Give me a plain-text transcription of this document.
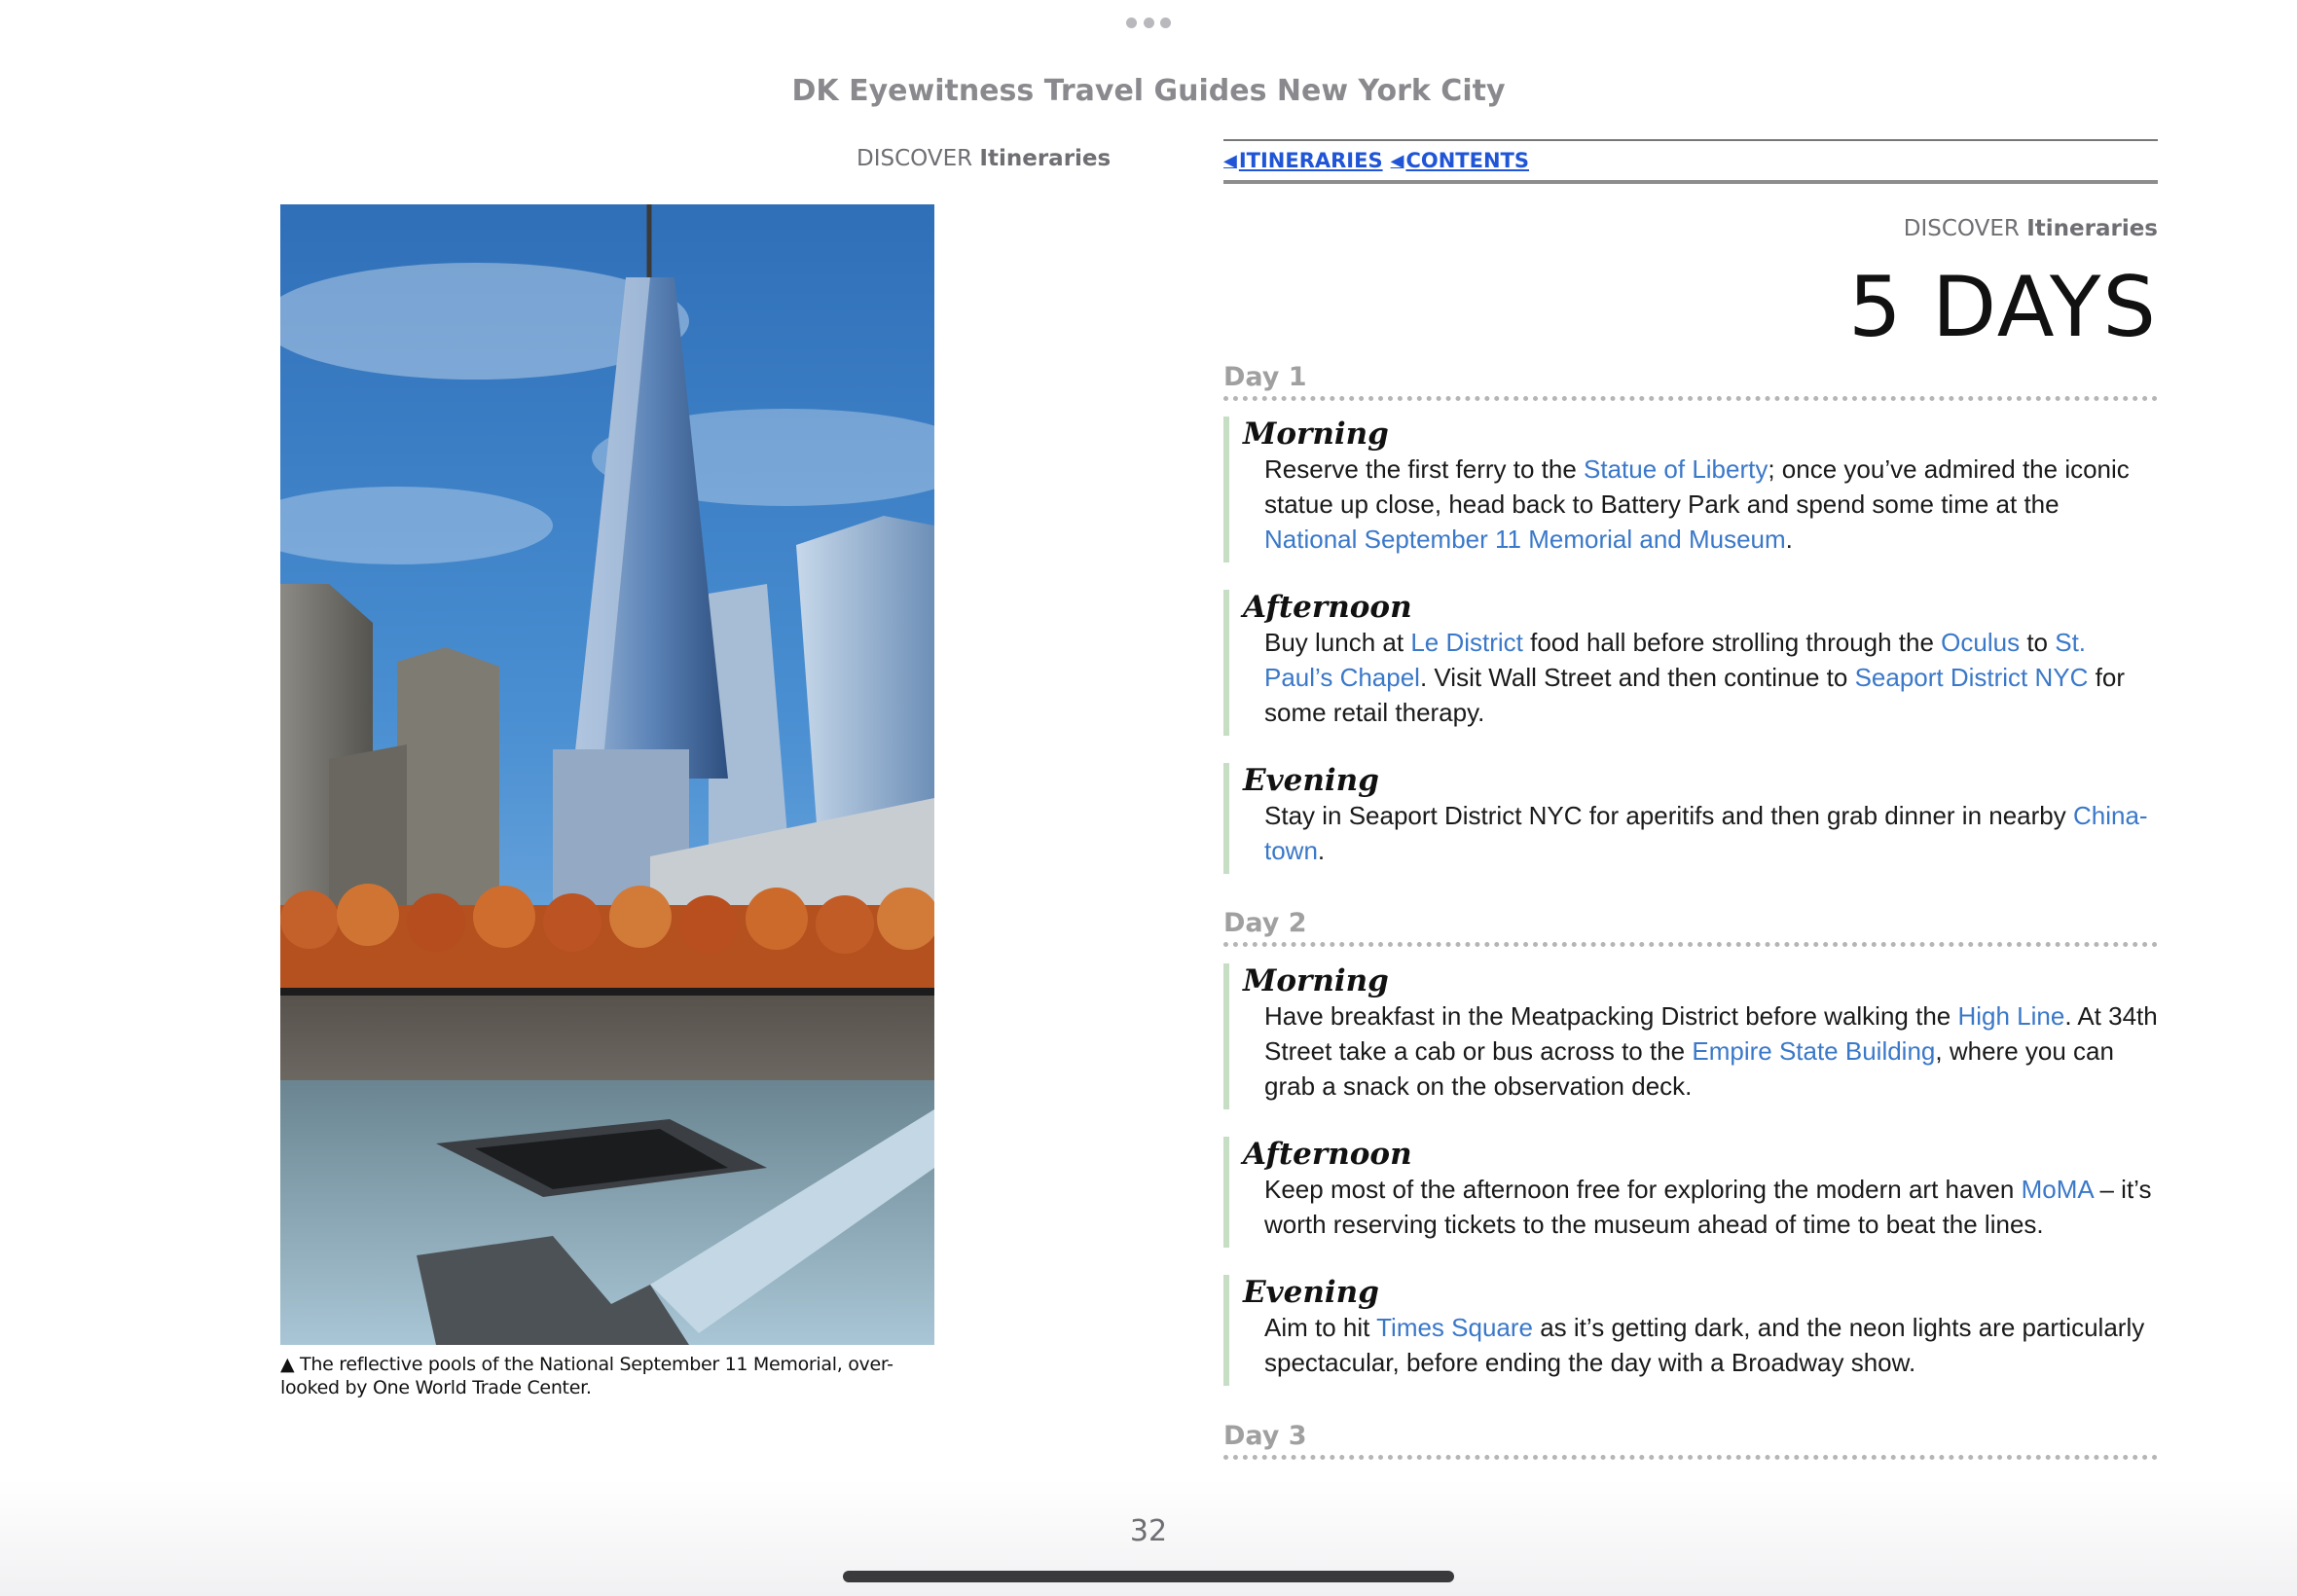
DK Eyewitness Travel Guides New York City
DISCOVER Itineraries
▲ The reflective pools of the National September 11 Memorial, over-looked by One World Trade Center.
◀ ITINERARIES ◀ CONTENTS
DISCOVER Itineraries
5 DAYS
Day 1
Morning
Reserve the first ferry to the Statue of Liberty; once you’ve admired the iconic statue up close, head back to Battery Park and spend some time at the National September 11 Memorial and Museum.
Afternoon
Buy lunch at Le District food hall before strolling through the Oculus to St. Paul’s Chapel. Visit Wall Street and then continue to Seaport District NYC for some retail therapy.
Evening
Stay in Seaport District NYC for aperitifs and then grab dinner in nearby China-town.
Day 2
Morning
Have breakfast in the Meatpacking District before walking the High Line. At 34th Street take a cab or bus across to the Empire State Building, where you can grab a snack on the observation deck.
Afternoon
Keep most of the afternoon free for exploring the modern art haven MoMA – it’s worth reserving tickets to the museum ahead of time to beat the lines.
Evening
Aim to hit Times Square as it’s getting dark, and the neon lights are particularly spectacular, before ending the day with a Broadway show.
Day 3
32
